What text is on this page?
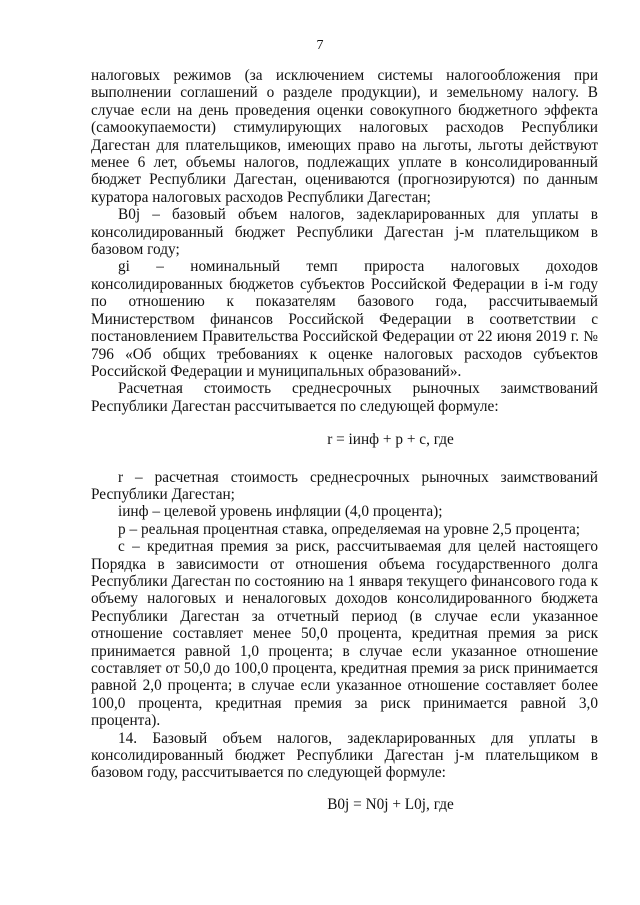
7

налоговых режимов (за исключением системы налогообложения при выполнении соглашений о разделе продукции), и земельному налогу. В случае если на день проведения оценки совокупного бюджетного эффекта (самоокупаемости) стимулирующих налоговых расходов Республики Дагестан для плательщиков, имеющих право на льготы, льготы действуют менее 6 лет, объемы налогов, подлежащих уплате в консолидированный бюджет Республики Дагестан, оцениваются (прогнозируются) по данным куратора налоговых расходов Республики Дагестан;

B0j – базовый объем налогов, задекларированных для уплаты в консолидированный бюджет Республики Дагестан j-м плательщиком в базовом году;

gi – номинальный темп прироста налоговых доходов консолидированных бюджетов субъектов Российской Федерации в i-м году по отношению к показателям базового года, рассчитываемый Министерством финансов Российской Федерации в соответствии с постановлением Правительства Российской Федерации от 22 июня 2019 г. № 796 «Об общих требованиях к оценке налоговых расходов субъектов Российской Федерации и муниципальных образований».

Расчетная стоимость среднесрочных рыночных заимствований Республики Дагестан рассчитывается по следующей формуле:

r = iинф + p + c, где

r – расчетная стоимость среднесрочных рыночных заимствований Республики Дагестан;

iинф – целевой уровень инфляции (4,0 процента);

p – реальная процентная ставка, определяемая на уровне 2,5 процента;

c – кредитная премия за риск, рассчитываемая для целей настоящего Порядка в зависимости от отношения объема государственного долга Республики Дагестан по состоянию на 1 января текущего финансового года к объему налоговых и неналоговых доходов консолидированного бюджета Республики Дагестан за отчетный период (в случае если указанное отношение составляет менее 50,0 процента, кредитная премия за риск принимается равной 1,0 процента; в случае если указанное отношение составляет от 50,0 до 100,0 процента, кредитная премия за риск принимается равной 2,0 процента; в случае если указанное отношение составляет более 100,0 процента, кредитная премия за риск принимается равной 3,0 процента).

14. Базовый объем налогов, задекларированных для уплаты в консолидированный бюджет Республики Дагестан j-м плательщиком в базовом году, рассчитывается по следующей формуле:

B0j = N0j + L0j, где
